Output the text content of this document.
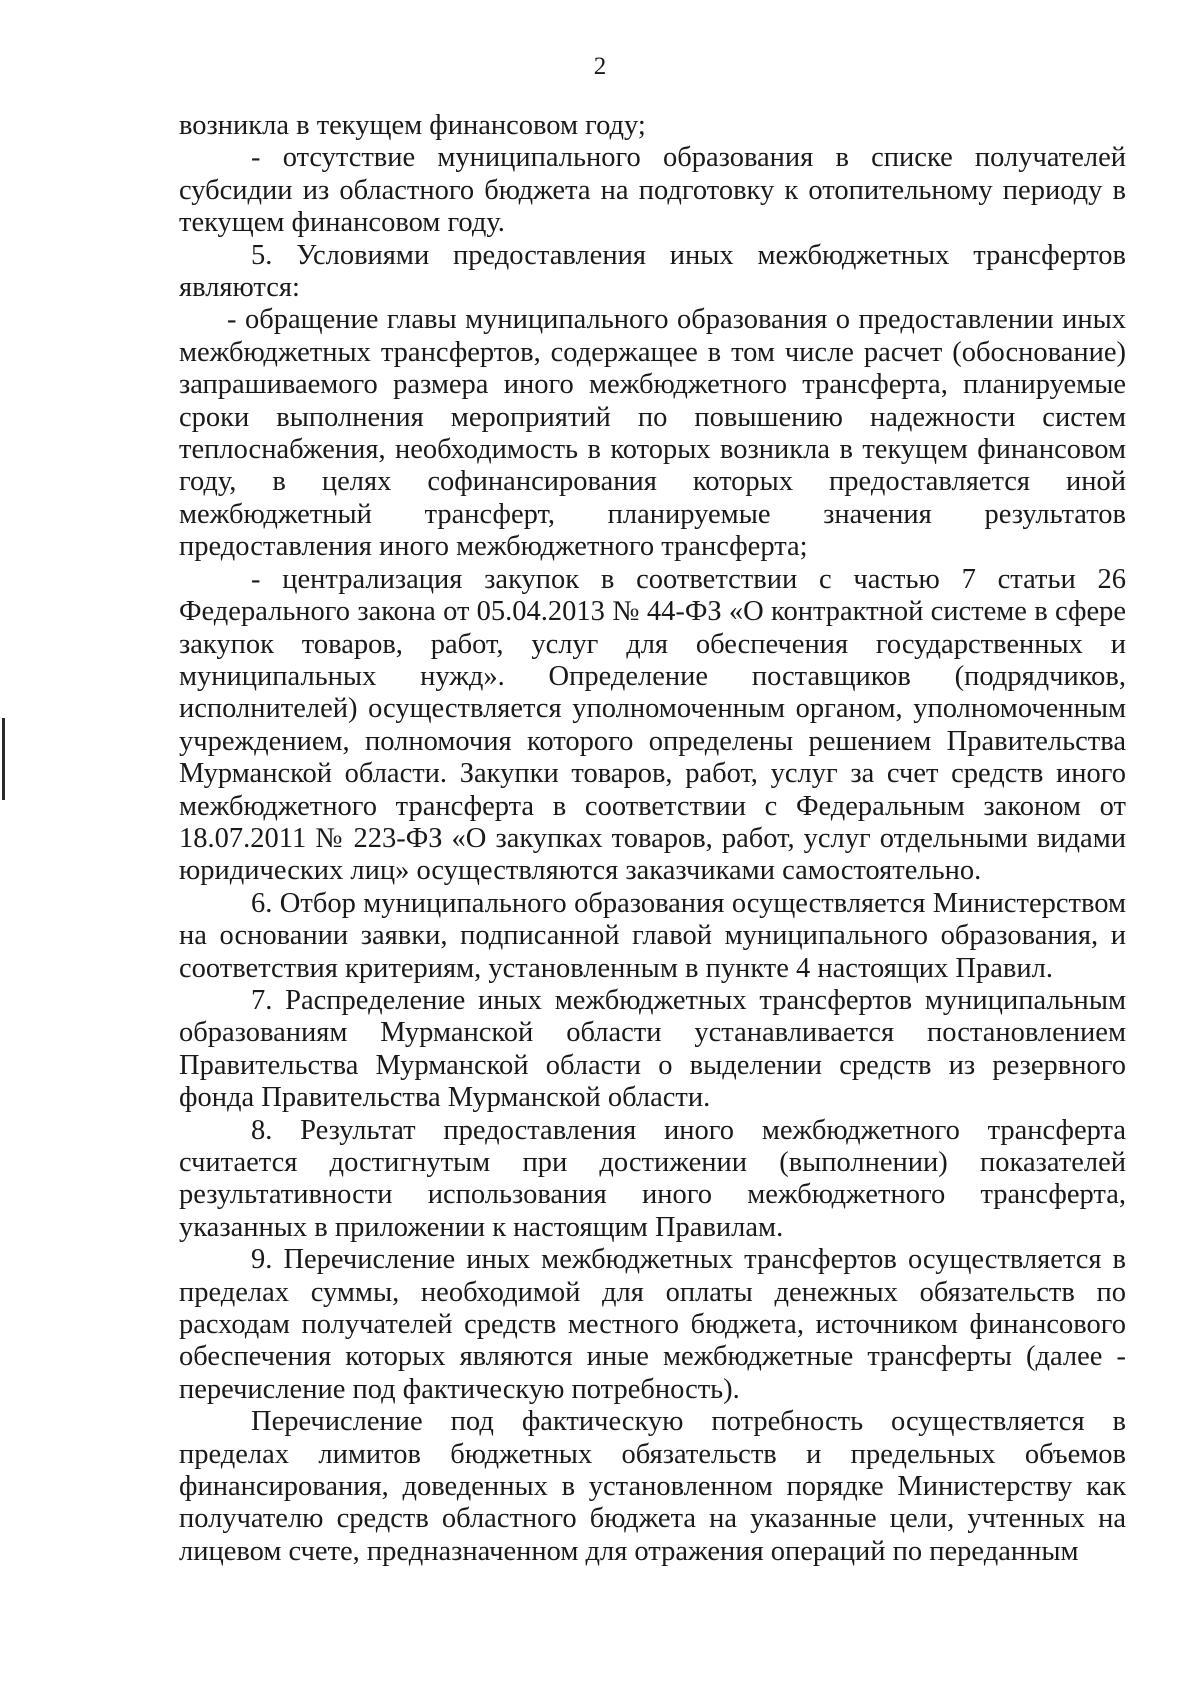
2

возникла в текущем финансовом году;

- отсутствие муниципального образования в списке получателей субсидии из областного бюджета на подготовку к отопительному периоду в текущем финансовом году.

5. Условиями предоставления иных межбюджетных трансфертов являются:

- обращение главы муниципального образования о предоставлении иных межбюджетных трансфертов, содержащее в том числе расчет (обоснование) запрашиваемого размера иного межбюджетного трансферта, планируемые сроки выполнения мероприятий по повышению надежности систем теплоснабжения, необходимость в которых возникла в текущем финансовом году, в целях софинансирования которых предоставляется иной межбюджетный трансферт, планируемые значения результатов предоставления иного межбюджетного трансферта;

- централизация закупок в соответствии с частью 7 статьи 26 Федерального закона от 05.04.2013 № 44-ФЗ «О контрактной системе в сфере закупок товаров, работ, услуг для обеспечения государственных и муниципальных нужд». Определение поставщиков (подрядчиков, исполнителей) осуществляется уполномоченным органом, уполномоченным учреждением, полномочия которого определены решением Правительства Мурманской области. Закупки товаров, работ, услуг за счет средств иного межбюджетного трансферта в соответствии с Федеральным законом от 18.07.2011 № 223-ФЗ «О закупках товаров, работ, услуг отдельными видами юридических лиц» осуществляются заказчиками самостоятельно.

6. Отбор муниципального образования осуществляется Министерством на основании заявки, подписанной главой муниципального образования, и соответствия критериям, установленным в пункте 4 настоящих Правил.

7. Распределение иных межбюджетных трансфертов муниципальным образованиям Мурманской области устанавливается постановлением Правительства Мурманской области о выделении средств из резервного фонда Правительства Мурманской области.

8. Результат предоставления иного межбюджетного трансферта считается достигнутым при достижении (выполнении) показателей результативности использования иного межбюджетного трансферта, указанных в приложении к настоящим Правилам.

9. Перечисление иных межбюджетных трансфертов осуществляется в пределах суммы, необходимой для оплаты денежных обязательств по расходам получателей средств местного бюджета, источником финансового обеспечения которых являются иные межбюджетные трансферты (далее - перечисление под фактическую потребность).

Перечисление под фактическую потребность осуществляется в пределах лимитов бюджетных обязательств и предельных объемов финансирования, доведенных в установленном порядке Министерству как получателю средств областного бюджета на указанные цели, учтенных на лицевом счете, предназначенном для отражения операций по переданным
